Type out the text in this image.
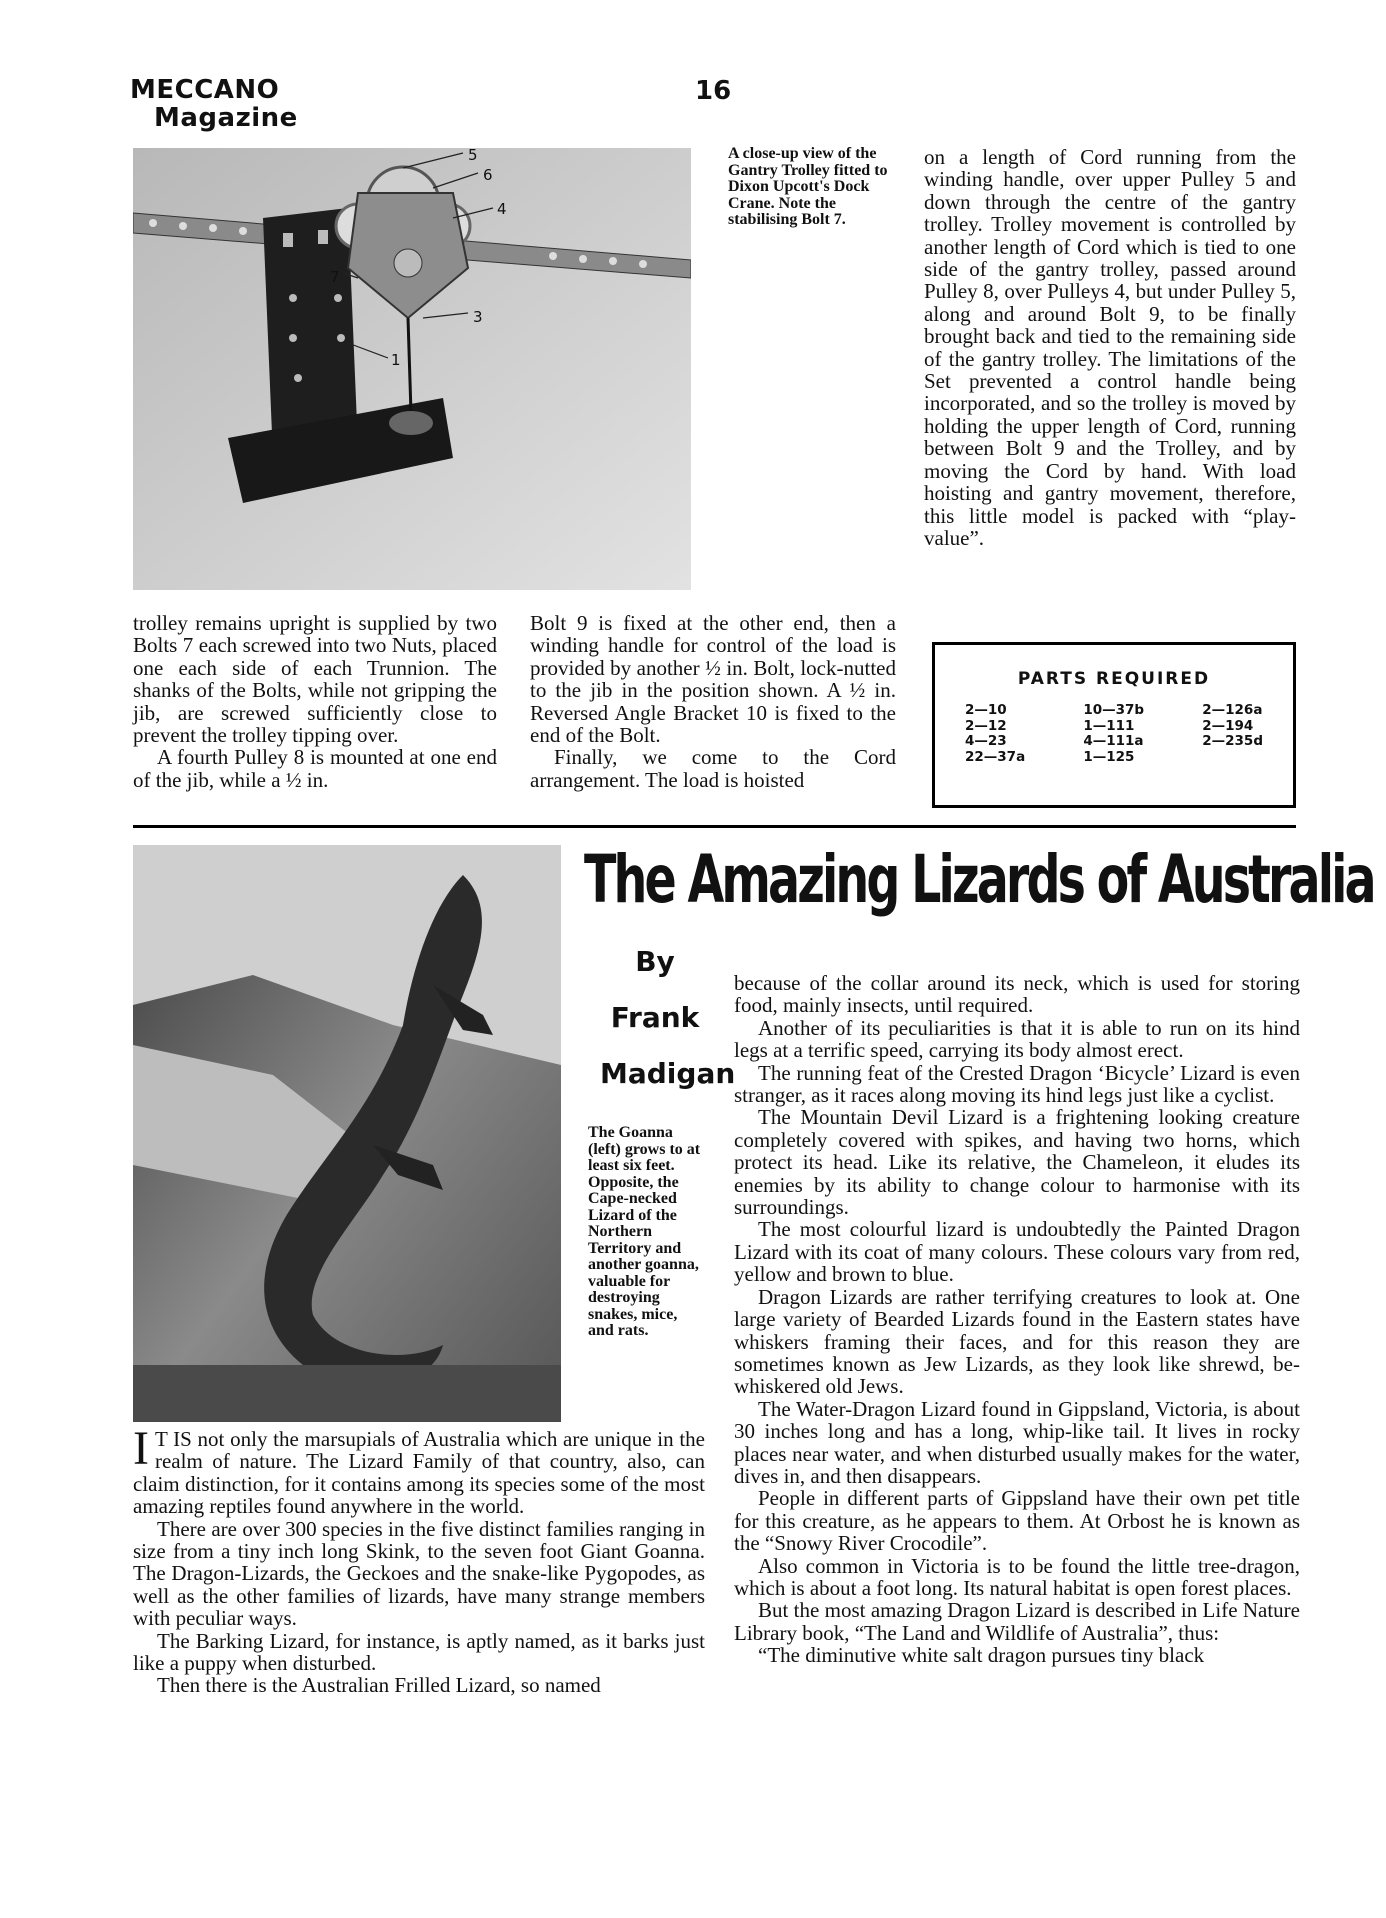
MECCANO
Magazine
16
5
6
4
7
3
1
A close-up view of the Gantry Trolley fitted to Dixon Upcott's Dock Crane. Note the stabilising Bolt 7.

trolley remains upright is supplied by two Bolts 7 each screwed into two Nuts, placed one each side of each Trunnion. The shanks of the Bolts, while not gripping the jib, are screwed sufficiently close to prevent the trolley tipping over.

A fourth Pulley 8 is mounted at one end of the jib, while a ½ in.

Bolt 9 is fixed at the other end, then a winding handle for control of the load is provided by another ½ in. Bolt, lock-nutted to the jib in the position shown. A ½ in. Reversed Angle Bracket 10 is fixed to the end of the Bolt.

Finally, we come to the Cord arrangement. The load is hoisted

on a length of Cord running from the winding handle, over upper Pulley 5 and down through the centre of the gantry trolley. Trolley movement is controlled by another length of Cord which is tied to one side of the gantry trolley, passed around Pulley 8, over Pulleys 4, but under Pulley 5, along and around Bolt 9, to be finally brought back and tied to the remaining side of the gantry trolley. The limitations of the Set prevented a control handle being incorporated, and so the trolley is moved by holding the upper length of Cord, running between Bolt 9 and the Trolley, and by moving the Cord by hand. With load hoisting and gantry movement, therefore, this little model is packed with “play-value”.

PARTS REQUIRED
2—10
2—12
4—23
22—37a
10—37b
1—111
4—111a
1—125
2—126a
2—194
2—235d
The Amazing Lizards of Australia
By
Frank
Madigan
The Goanna (left) grows to at least six feet. Opposite, the Cape-necked Lizard of the Northern Territory and another goanna, valuable for destroying snakes, mice, and rats.

I T IS not only the marsupials of Australia which are unique in the realm of nature. The Lizard Family of that country, also, can claim distinction, for it contains among its species some of the most amazing reptiles found anywhere in the world.

There are over 300 species in the five distinct families ranging in size from a tiny inch long Skink, to the seven foot Giant Goanna. The Dragon-Lizards, the Geckoes and the snake-like Pygopodes, as well as the other families of lizards, have many strange members with peculiar ways.

The Barking Lizard, for instance, is aptly named, as it barks just like a puppy when disturbed.

Then there is the Australian Frilled Lizard, so named

because of the collar around its neck, which is used for storing food, mainly insects, until required.

Another of its peculiarities is that it is able to run on its hind legs at a terrific speed, carrying its body almost erect.

The running feat of the Crested Dragon ‘Bicycle’ Lizard is even stranger, as it races along moving its hind legs just like a cyclist.

The Mountain Devil Lizard is a frightening looking creature completely covered with spikes, and having two horns, which protect its head. Like its relative, the Chameleon, it eludes its enemies by its ability to change colour to harmonise with its surroundings.

The most colourful lizard is undoubtedly the Painted Dragon Lizard with its coat of many colours. These colours vary from red, yellow and brown to blue.

Dragon Lizards are rather terrifying creatures to look at. One large variety of Bearded Lizards found in the Eastern states have whiskers framing their faces, and for this reason they are sometimes known as Jew Lizards, as they look like shrewd, be-whiskered old Jews.

The Water-Dragon Lizard found in Gippsland, Victoria, is about 30 inches long and has a long, whip-like tail. It lives in rocky places near water, and when disturbed usually makes for the water, dives in, and then disappears.

People in different parts of Gippsland have their own pet title for this creature, as he appears to them. At Orbost he is known as the “Snowy River Crocodile”.

Also common in Victoria is to be found the little tree-dragon, which is about a foot long. Its natural habitat is open forest places.

But the most amazing Dragon Lizard is described in Life Nature Library book, “The Land and Wildlife of Australia”, thus:

“The diminutive white salt dragon pursues tiny black
